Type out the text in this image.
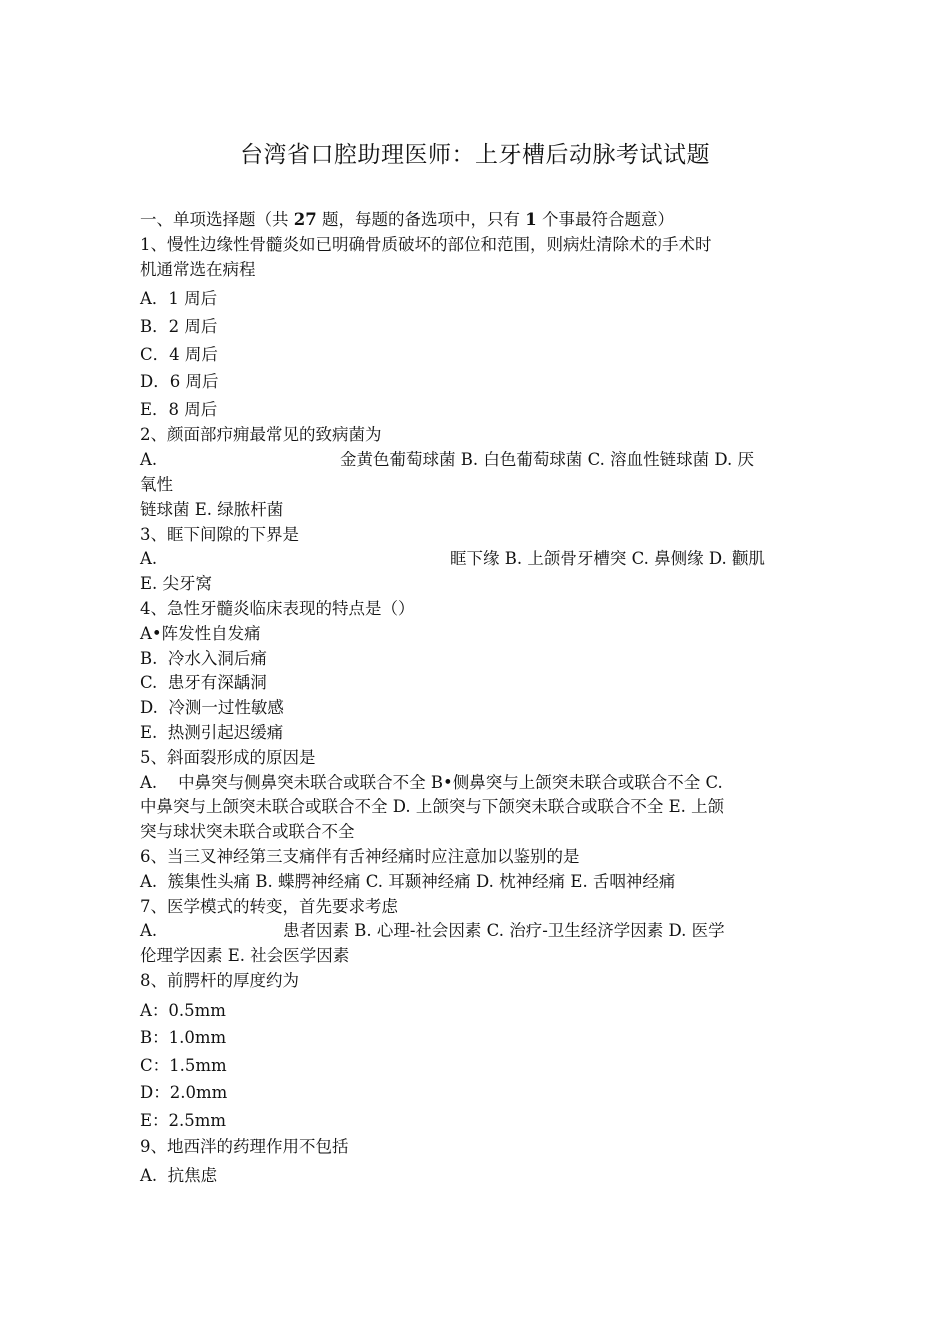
台湾省口腔助理医师：上牙槽后动脉考试试题
一、单项选择题（共 27 题，每题的备选项中，只有 1 个事最符合题意）
1、慢性边缘性骨髓炎如已明确骨质破坏的部位和范围，则病灶清除术的手术时
机通常选在病程
A．1 周后
B．2 周后
C．4 周后
D．6 周后
E．8 周后
2、颜面部疖痈最常见的致病菌为
A.	金黄色葡萄球菌 B. 白色葡萄球菌 C. 溶血性链球菌 D. 厌
氧性
链球菌 E. 绿脓杆菌
3、眶下间隙的下界是
A.	眶下缘 B. 上颌骨牙槽突 C. 鼻侧缘 D. 颧肌
E. 尖牙窝
4、急性牙髓炎临床表现的特点是（）
A•阵发性自发痛
B.  冷水入洞后痛
C.  患牙有深龋洞
D.  冷测一过性敏感
E.  热测引起迟缓痛
5、斜面裂形成的原因是
A.    中鼻突与侧鼻突未联合或联合不全 B•侧鼻突与上颌突未联合或联合不全 C.
中鼻突与上颌突未联合或联合不全 D. 上颌突与下颌突未联合或联合不全 E. 上颌
突与球状突未联合或联合不全
6、当三叉神经第三支痛伴有舌神经痛时应注意加以鉴别的是
A.  簇集性头痛 B. 蝶腭神经痛 C. 耳颞神经痛 D. 枕神经痛 E. 舌咽神经痛
7、医学模式的转变，首先要求考虑
A.	患者因素 B. 心理-社会因素 C. 治疗-卫生经济学因素 D. 医学
伦理学因素 E. 社会医学因素
8、前腭杆的厚度约为
A：0.5mm
B：1.0mm
C：1.5mm
D：2.0mm
E：2.5mm
9、地西泮的药理作用不包括
A.  抗焦虑
